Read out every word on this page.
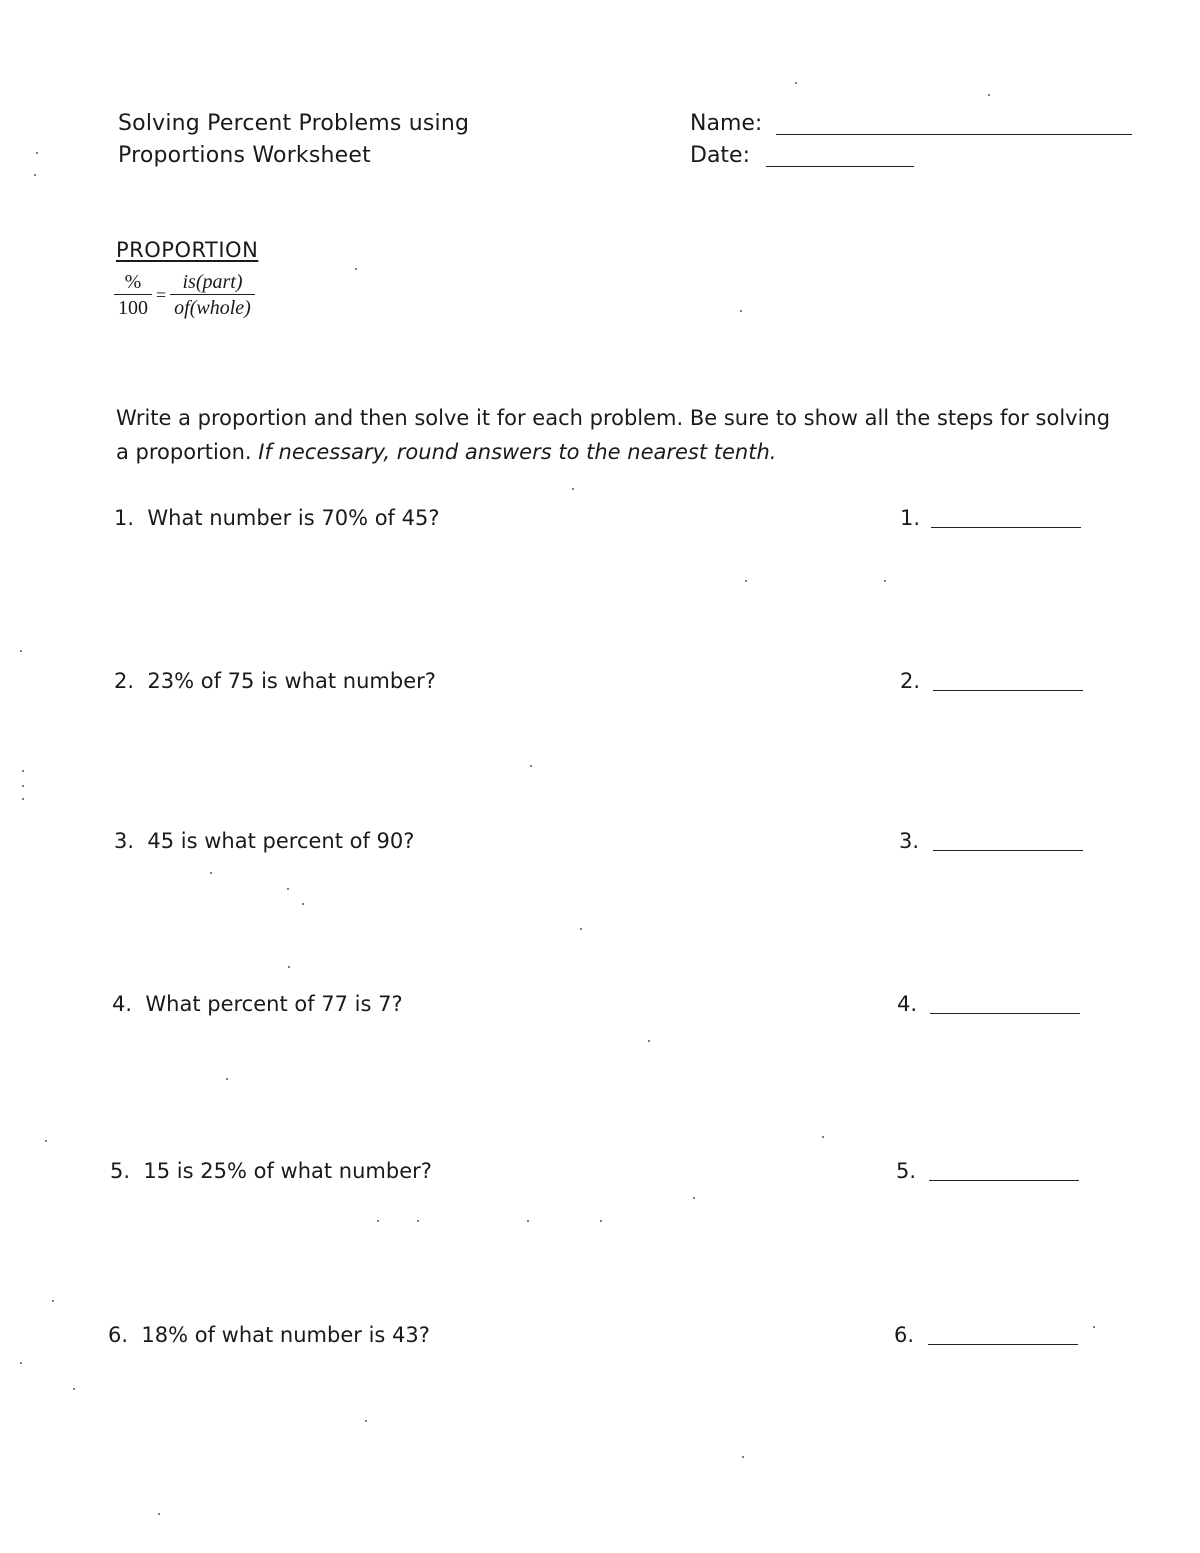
Solving Percent Problems using
Proportions Worksheet
Name:
Date:
PROPORTION
$\frac{\%}{100} = \frac{\text{is(part)}}{\text{of(whole)}}$
Write a proportion and then solve it for each problem. Be sure to show all the steps for solving a proportion. If necessary, round answers to the nearest tenth.
1. What number is 70% of 45?	1.
2. 23% of 75 is what number?	2.
3. 45 is what percent of 90?	3.
4. What percent of 77 is 7?	4.
5. 15 is 25% of what number?	5.
6. 18% of what number is 43?	6.
